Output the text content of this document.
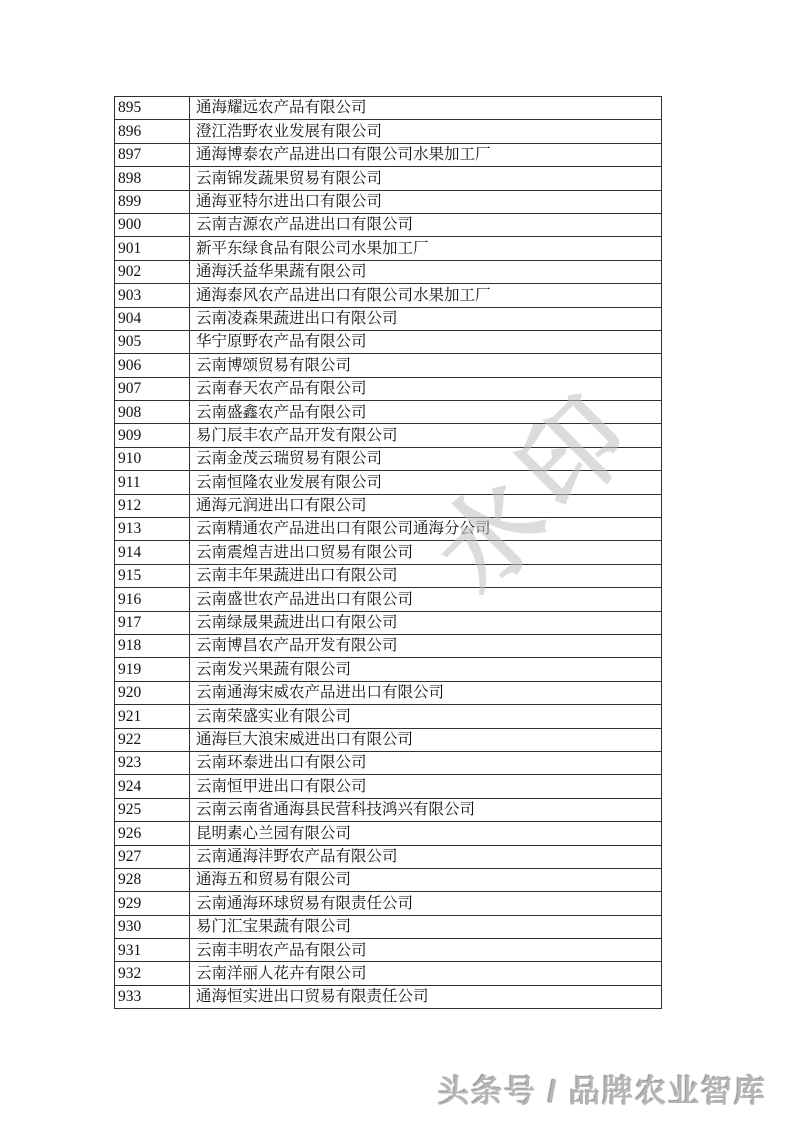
895	通海耀远农产品有限公司
896	澄江浩野农业发展有限公司
897	通海博泰农产品进出口有限公司水果加工厂
898	云南锦发蔬果贸易有限公司
899	通海亚特尔进出口有限公司
900	云南吉源农产品进出口有限公司
901	新平东绿食品有限公司水果加工厂
902	通海沃益华果蔬有限公司
903	通海泰风农产品进出口有限公司水果加工厂
904	云南凌森果蔬进出口有限公司
905	华宁原野农产品有限公司
906	云南博颂贸易有限公司
907	云南春天农产品有限公司
908	云南盛鑫农产品有限公司
909	易门辰丰农产品开发有限公司
910	云南金茂云瑞贸易有限公司
911	云南恒隆农业发展有限公司
912	通海元润进出口有限公司
913	云南精通农产品进出口有限公司通海分公司
914	云南震煌吉进出口贸易有限公司
915	云南丰年果蔬进出口有限公司
916	云南盛世农产品进出口有限公司
917	云南绿晟果蔬进出口有限公司
918	云南博昌农产品开发有限公司
919	云南发兴果蔬有限公司
920	云南通海宋威农产品进出口有限公司
921	云南荣盛实业有限公司
922	通海巨大浪宋威进出口有限公司
923	云南环泰进出口有限公司
924	云南恒甲进出口有限公司
925	云南云南省通海县民营科技鸿兴有限公司
926	昆明素心兰园有限公司
927	云南通海沣野农产品有限公司
928	通海五和贸易有限公司
929	云南通海环球贸易有限责任公司
930	易门汇宝果蔬有限公司
931	云南丰明农产品有限公司
932	云南洋丽人花卉有限公司
933	通海恒实进出口贸易有限责任公司
水印
头条号 / 品牌农业智库
